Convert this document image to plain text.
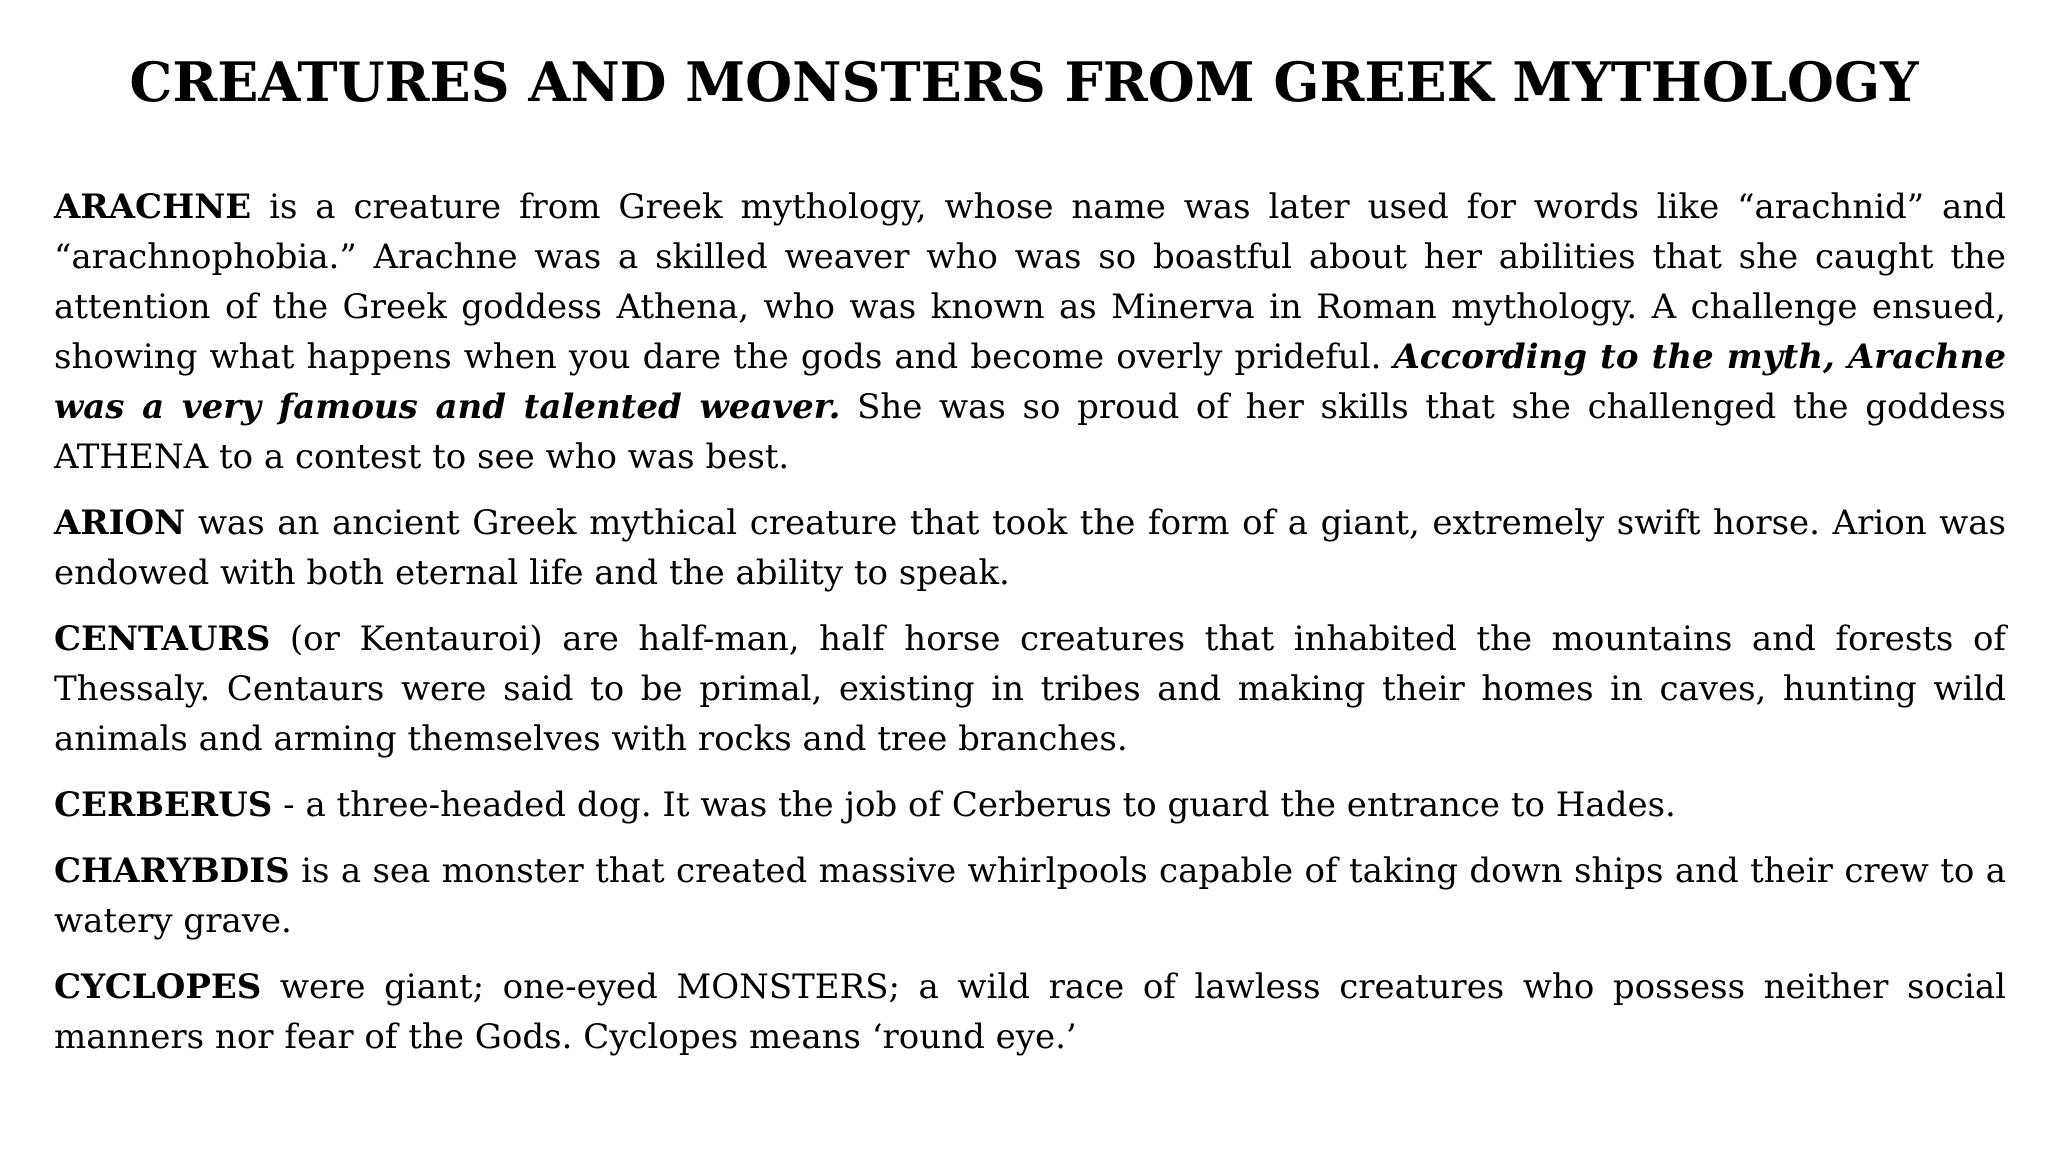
CREATURES AND MONSTERS FROM GREEK MYTHOLOGY

ARACHNE is a creature from Greek mythology, whose name was later used for words like “arachnid” and “arachnophobia.” Arachne was a skilled weaver who was so boastful about her abilities that she caught the attention of the Greek goddess Athena, who was known as Minerva in Roman mythology. A challenge ensued, showing what happens when you dare the gods and become overly prideful. According to the myth, Arachne was a very famous and talented weaver. She was so proud of her skills that she challenged the goddess ATHENA to a contest to see who was best.

ARION was an ancient Greek mythical creature that took the form of a giant, extremely swift horse. Arion was endowed with both eternal life and the ability to speak.

CENTAURS (or Kentauroi) are half-man, half horse creatures that inhabited the mountains and forests of Thessaly. Centaurs were said to be primal, existing in tribes and making their homes in caves, hunting wild animals and arming themselves with rocks and tree branches.

CERBERUS - a three-headed dog. It was the job of Cerberus to guard the entrance to Hades.

CHARYBDIS is a sea monster that created massive whirlpools capable of taking down ships and their crew to a watery grave.

CYCLOPES were giant; one-eyed MONSTERS; a wild race of lawless creatures who possess neither social manners nor fear of the Gods. Cyclopes means ‘round eye.’
